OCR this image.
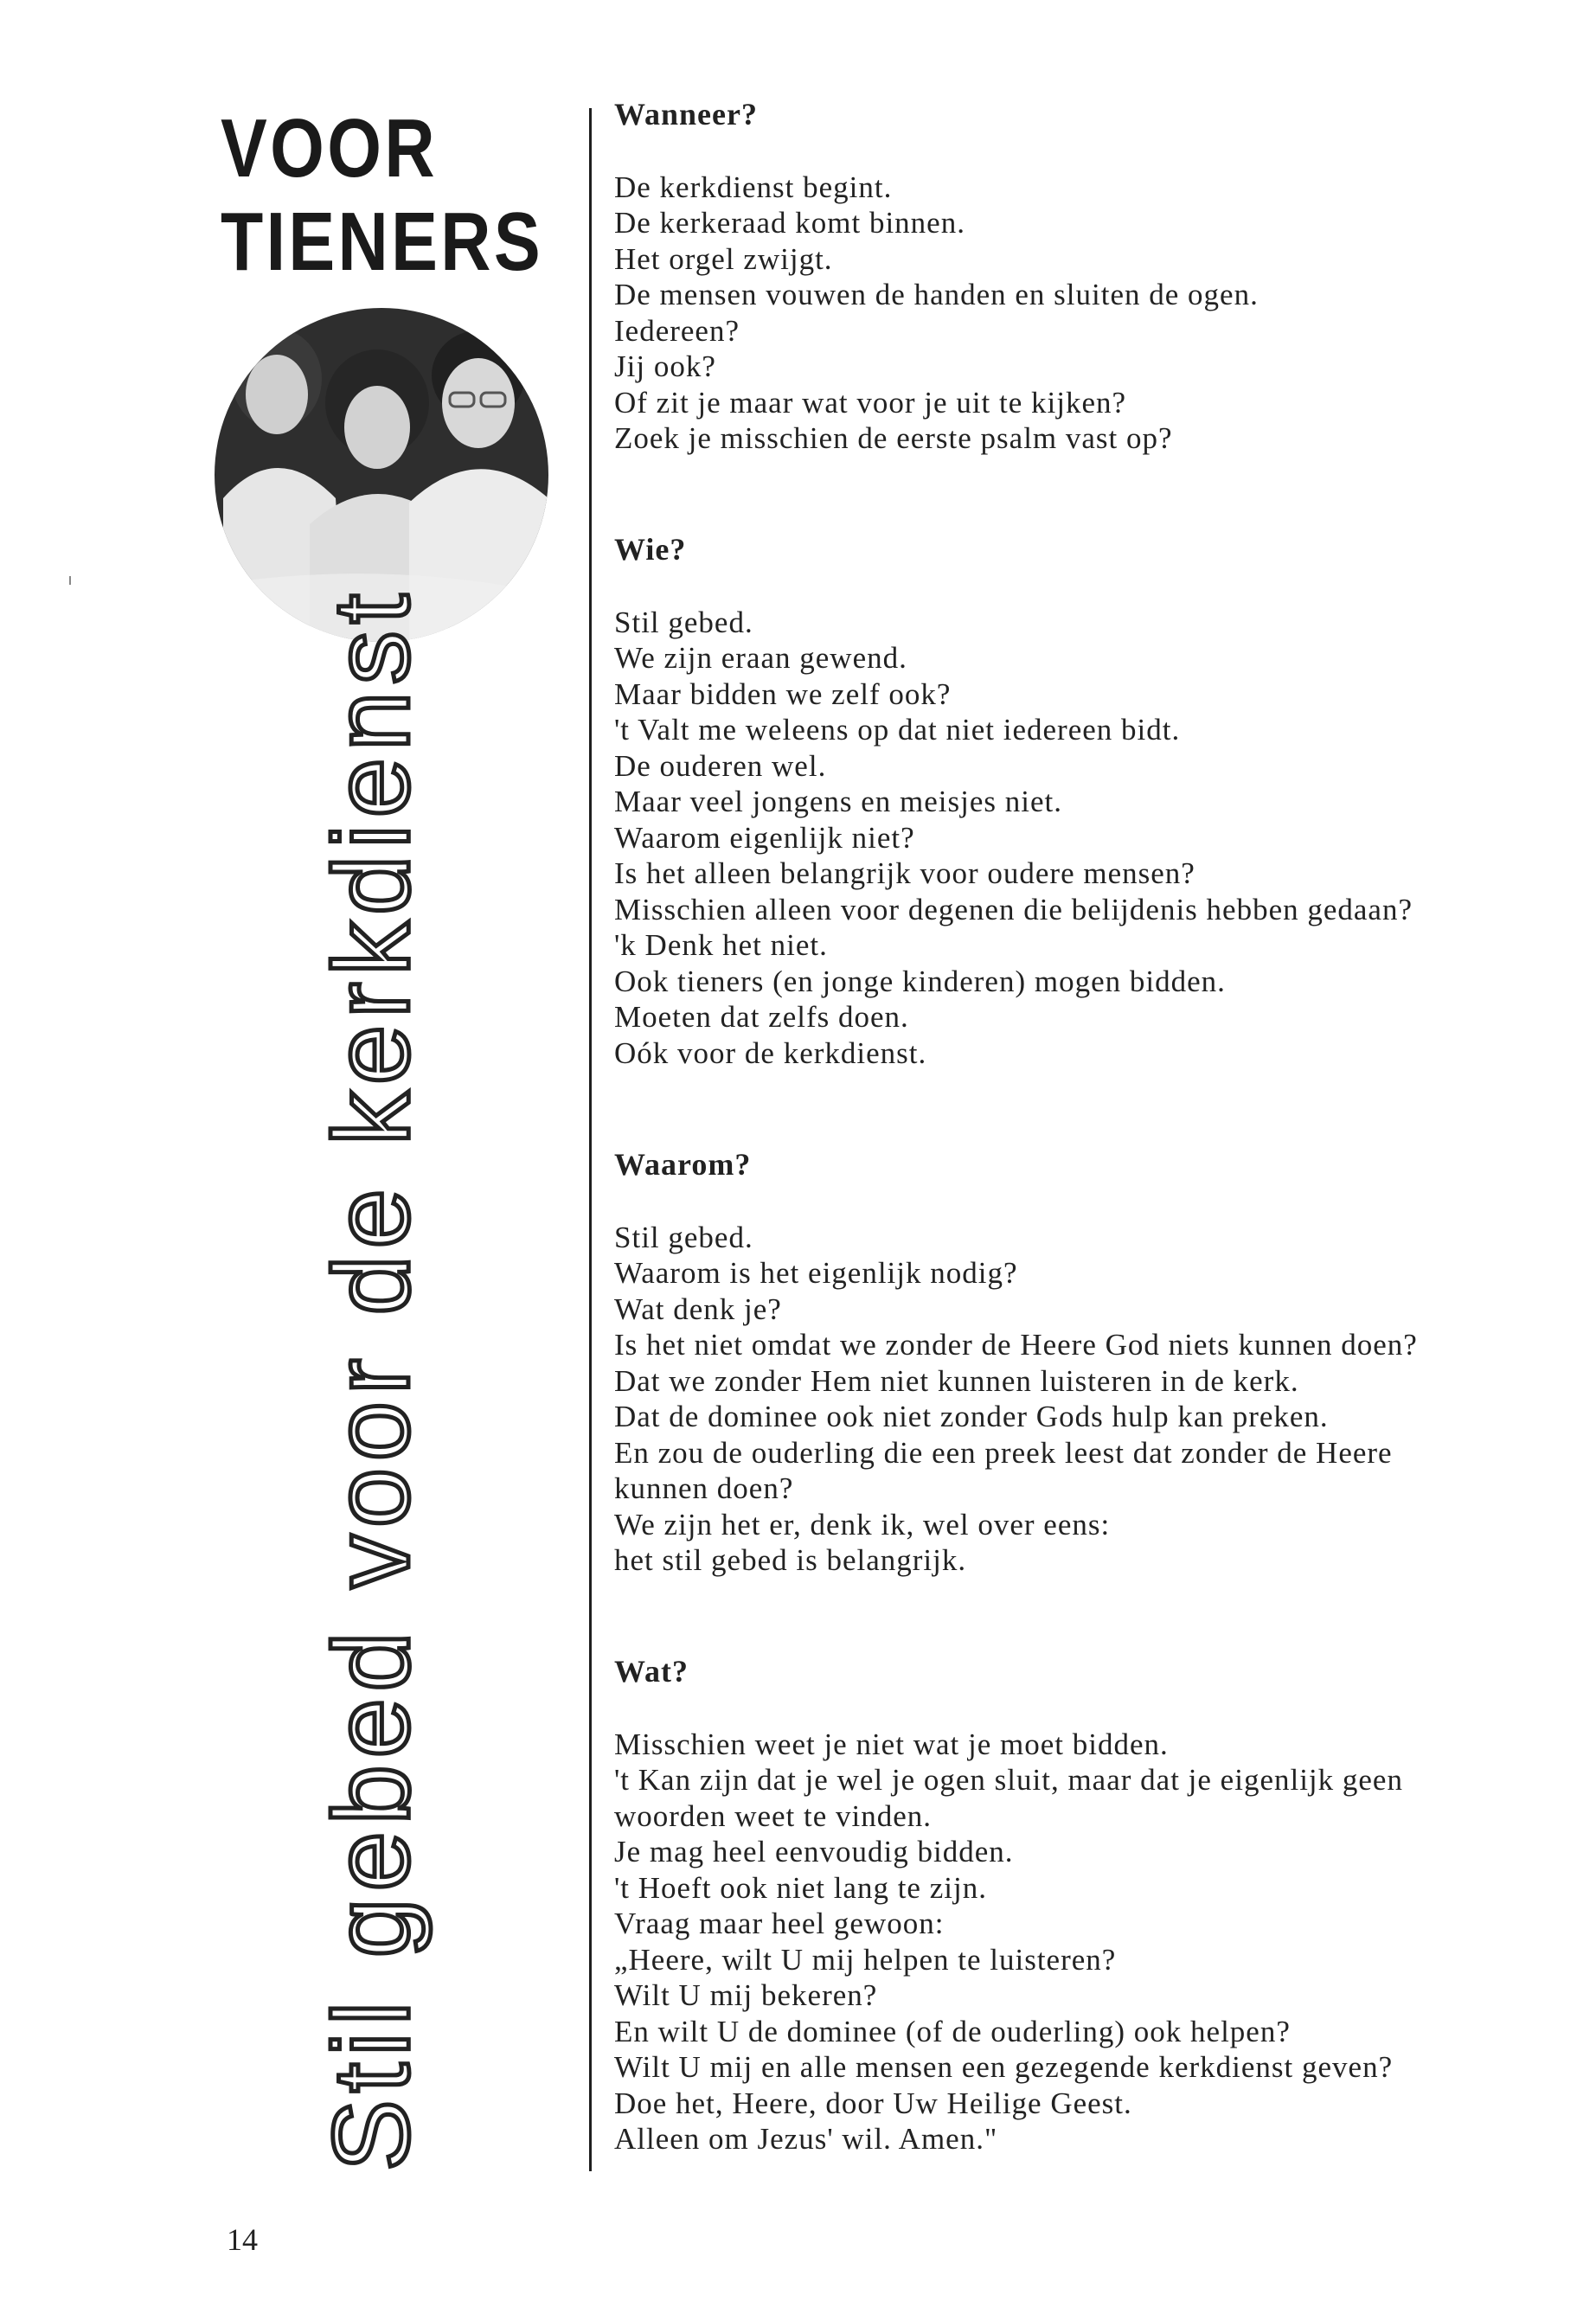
VOOR
TIENERS
Stil gebed voor de kerkdienst
Wanneer?
De kerkdienst begint.
De kerkeraad komt binnen.
Het orgel zwijgt.
De mensen vouwen de handen en sluiten de ogen.
Iedereen?
Jij ook?
Of zit je maar wat voor je uit te kijken?
Zoek je misschien de eerste psalm vast op?
Wie?
Stil gebed.
We zijn eraan gewend.
Maar bidden we zelf ook?
't Valt me weleens op dat niet iedereen bidt.
De ouderen wel.
Maar veel jongens en meisjes niet.
Waarom eigenlijk niet?
Is het alleen belangrijk voor oudere mensen?
Misschien alleen voor degenen die belijdenis hebben gedaan?
'k Denk het niet.
Ook tieners (en jonge kinderen) mogen bidden.
Moeten dat zelfs doen.
Oók voor de kerkdienst.
Waarom?
Stil gebed.
Waarom is het eigenlijk nodig?
Wat denk je?
Is het niet omdat we zonder de Heere God niets kunnen doen?
Dat we zonder Hem niet kunnen luisteren in de kerk.
Dat de dominee ook niet zonder Gods hulp kan preken.
En zou de ouderling die een preek leest dat zonder de Heere
kunnen doen?
We zijn het er, denk ik, wel over eens:
het stil gebed is belangrijk.
Wat?
Misschien weet je niet wat je moet bidden.
't Kan zijn dat je wel je ogen sluit, maar dat je eigenlijk geen
woorden weet te vinden.
Je mag heel eenvoudig bidden.
't Hoeft ook niet lang te zijn.
Vraag maar heel gewoon:
„Heere, wilt U mij helpen te luisteren?
Wilt U mij bekeren?
En wilt U de dominee (of de ouderling) ook helpen?
Wilt U mij en alle mensen een gezegende kerkdienst geven?
Doe het, Heere, door Uw Heilige Geest.
Alleen om Jezus' wil. Amen."
14
